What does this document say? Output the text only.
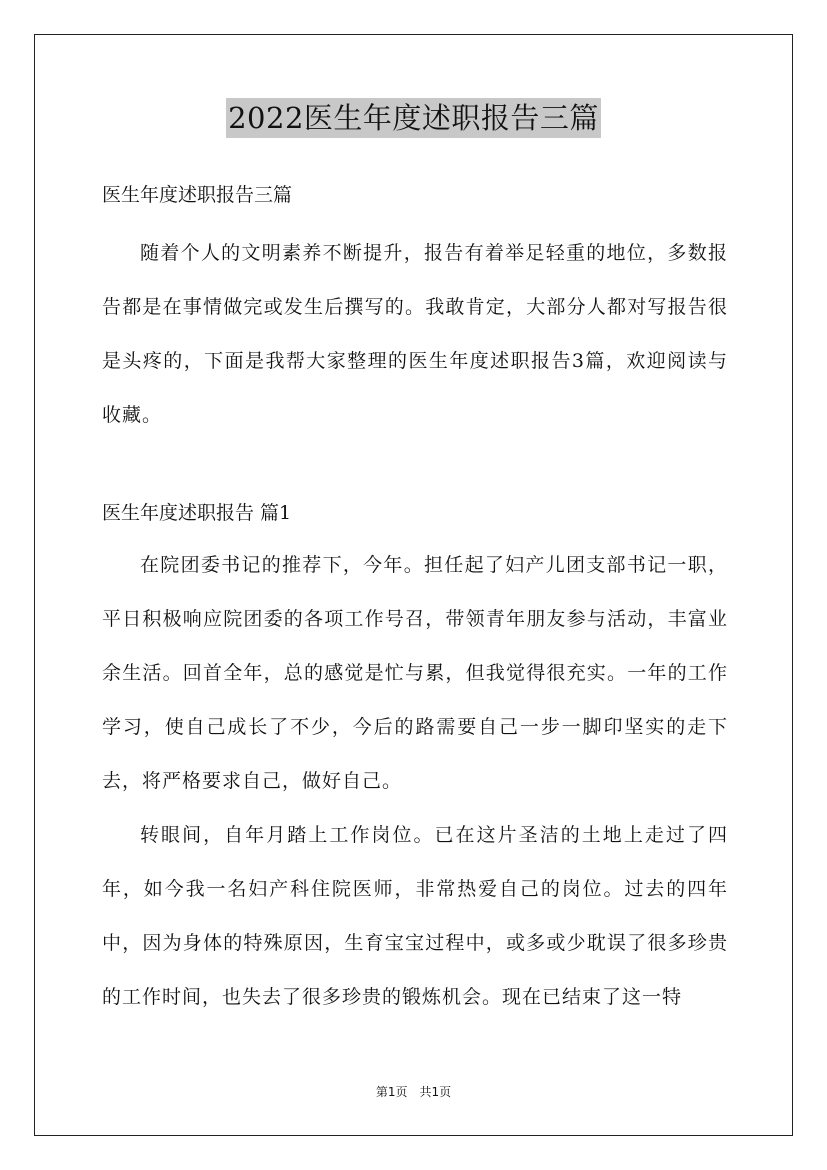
2022医生年度述职报告三篇

医生年度述职报告三篇

随着个人的文明素养不断提升，报告有着举足轻重的地位，多数报告都是在事情做完或发生后撰写的。我敢肯定，大部分人都对写报告很是头疼的，下面是我帮大家整理的医生年度述职报告3篇，欢迎阅读与收藏。

医生年度述职报告 篇1

在院团委书记的推荐下，今年。担任起了妇产儿团支部书记一职，平日积极响应院团委的各项工作号召，带领青年朋友参与活动，丰富业余生活。回首全年，总的感觉是忙与累，但我觉得很充实。一年的工作学习，使自己成长了不少，今后的路需要自己一步一脚印坚实的走下去，将严格要求自己，做好自己。

转眼间，自年月踏上工作岗位。已在这片圣洁的土地上走过了四年，如今我一名妇产科住院医师，非常热爱自己的岗位。过去的四年中，因为身体的特殊原因，生育宝宝过程中，或多或少耽误了很多珍贵的工作时间，也失去了很多珍贵的锻炼机会。现在已结束了这一特

第1页　共1页
